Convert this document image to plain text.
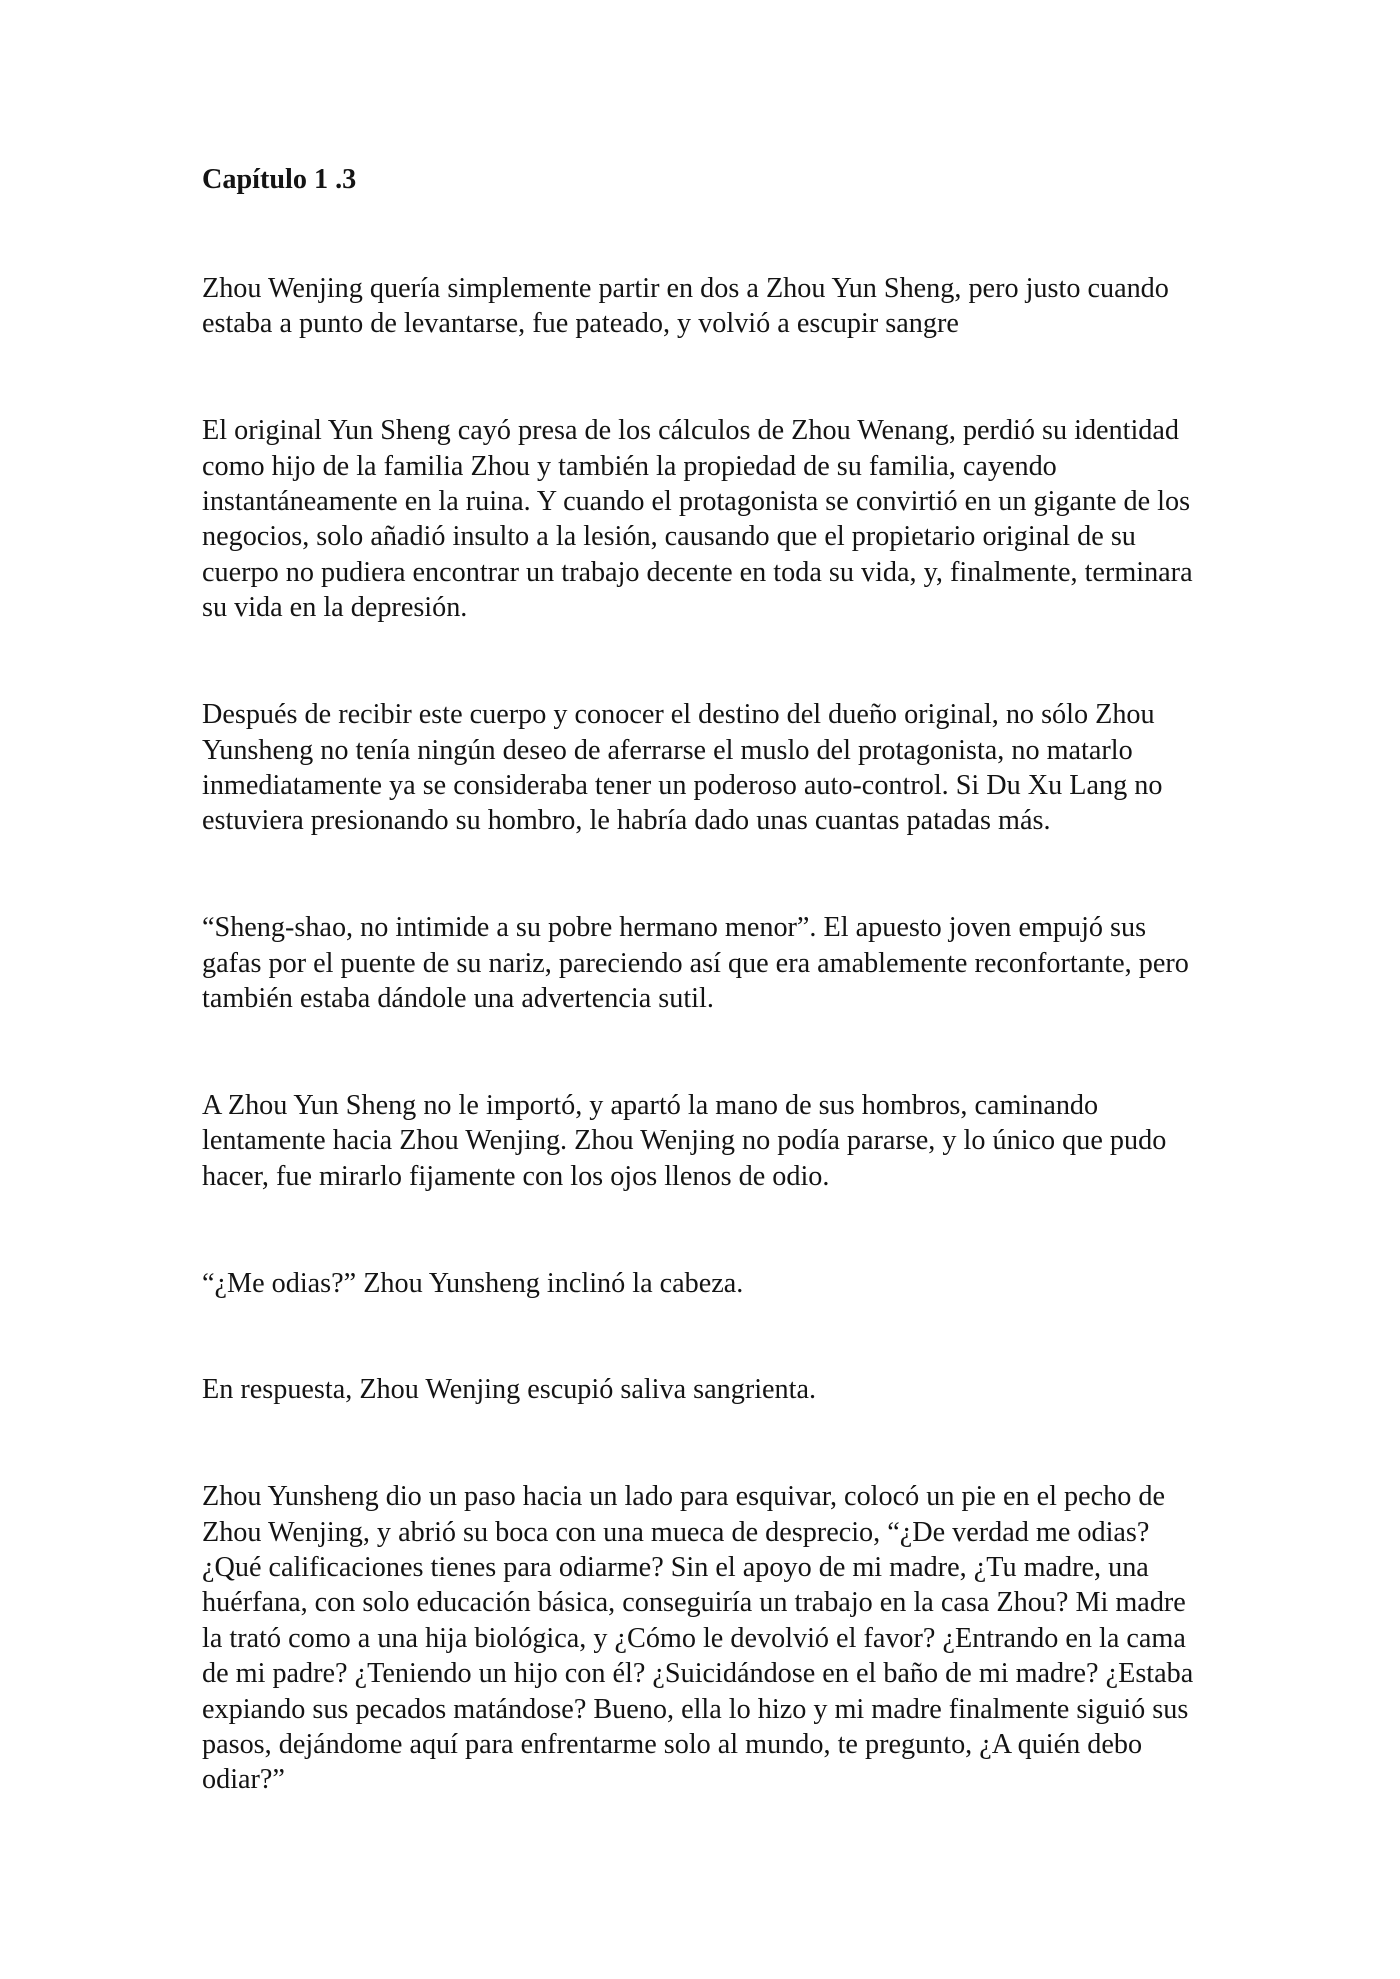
Capítulo 1 .3
Zhou Wenjing quería simplemente partir en dos a Zhou Yun Sheng, pero justo cuando
estaba a punto de levantarse, fue pateado, y volvió a escupir sangre
El original Yun Sheng cayó presa de los cálculos de Zhou Wenang, perdió su identidad
como hijo de la familia Zhou y también la propiedad de su familia, cayendo
instantáneamente en la ruina. Y cuando el protagonista se convirtió en un gigante de los
negocios, solo añadió insulto a la lesión, causando que el propietario original de su
cuerpo no pudiera encontrar un trabajo decente en toda su vida, y, finalmente, terminara
su vida en la depresión.
Después de recibir este cuerpo y conocer el destino del dueño original, no sólo Zhou
Yunsheng no tenía ningún deseo de aferrarse el muslo del protagonista, no matarlo
inmediatamente ya se consideraba tener un poderoso auto-control. Si Du Xu Lang no
estuviera presionando su hombro, le habría dado unas cuantas patadas más.
“Sheng-shao, no intimide a su pobre hermano menor”. El apuesto joven empujó sus
gafas por el puente de su nariz, pareciendo así que era amablemente reconfortante, pero
también estaba dándole una advertencia sutil.
A Zhou Yun Sheng no le importó, y apartó la mano de sus hombros, caminando
lentamente hacia Zhou Wenjing. Zhou Wenjing no podía pararse, y lo único que pudo
hacer, fue mirarlo fijamente con los ojos llenos de odio.
“¿Me odias?” Zhou Yunsheng inclinó la cabeza.
En respuesta, Zhou Wenjing escupió saliva sangrienta.
Zhou Yunsheng dio un paso hacia un lado para esquivar, colocó un pie en el pecho de
Zhou Wenjing, y abrió su boca con una mueca de desprecio, “¿De verdad me odias?
¿Qué calificaciones tienes para odiarme? Sin el apoyo de mi madre, ¿Tu madre, una
huérfana, con solo educación básica, conseguiría un trabajo en la casa Zhou? Mi madre
la trató como a una hija biológica, y ¿Cómo le devolvió el favor? ¿Entrando en la cama
de mi padre? ¿Teniendo un hijo con él? ¿Suicidándose en el baño de mi madre? ¿Estaba
expiando sus pecados matándose? Bueno, ella lo hizo y mi madre finalmente siguió sus
pasos, dejándome aquí para enfrentarme solo al mundo, te pregunto, ¿A quién debo
odiar?”
